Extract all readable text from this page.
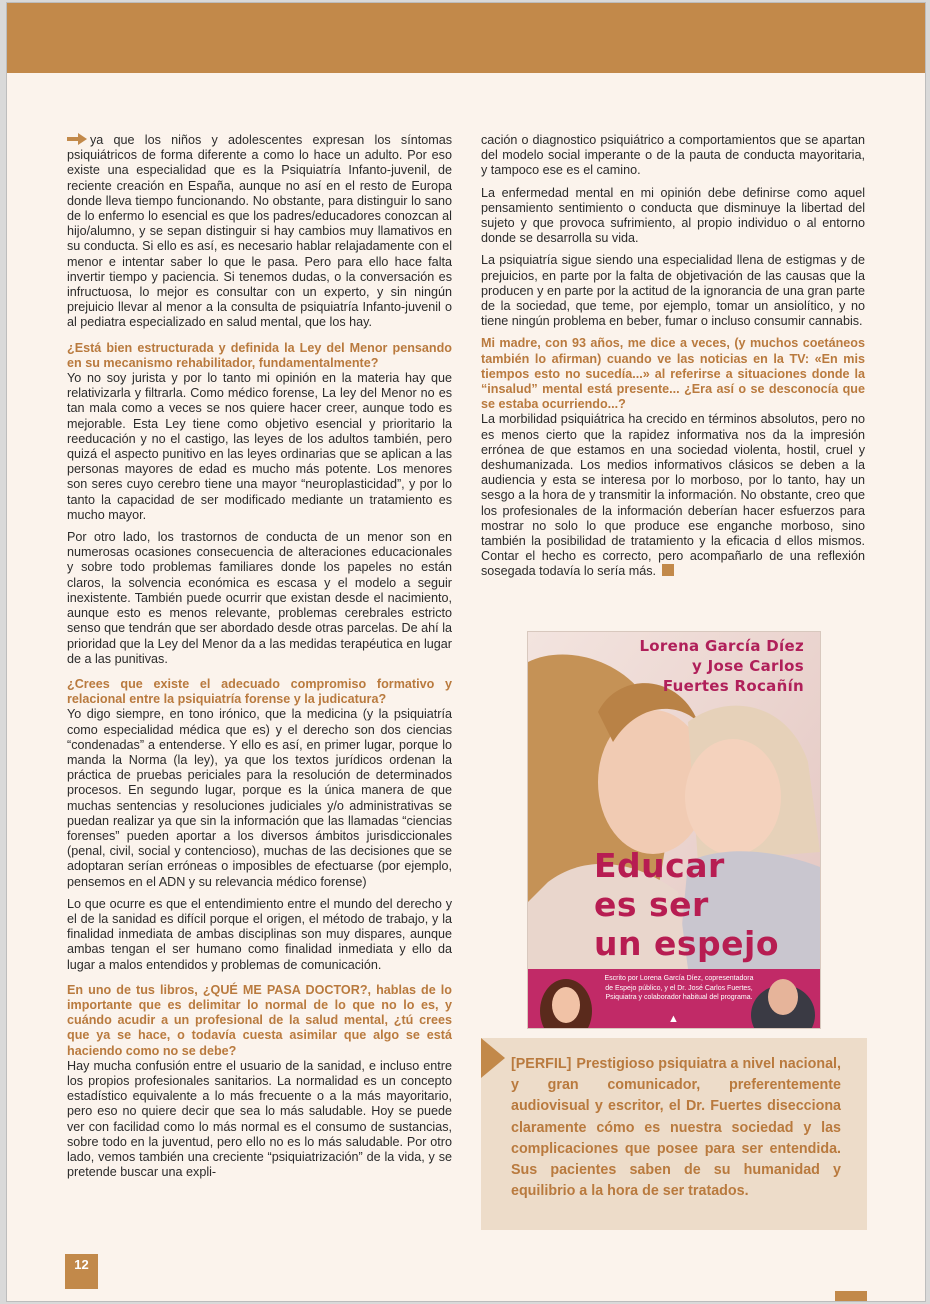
ya que los niños y adolescentes expresan los síntomas psiquiátricos de forma diferente a como lo hace un adulto. Por eso existe una especialidad que es la Psiquiatría Infanto-juvenil, de reciente creación en España, aunque no así en el resto de Europa donde lleva tiempo funcionando. No obstante, para distinguir lo sano de lo enfermo lo esencial es que los padres/educadores conozcan al hijo/alumno, y se sepan distinguir si hay cambios muy llamativos en su conducta. Si ello es así, es necesario hablar relajadamente con el menor e intentar saber lo que le pasa. Pero para ello hace falta invertir tiempo y paciencia. Si tenemos dudas, o la conversación es infructuosa, lo mejor es consultar con un experto, y sin ningún prejuicio llevar al menor a la consulta de psiquiatría Infanto-juvenil o al pediatra especializado en salud mental, que los hay.

¿Está bien estructurada y definida la Ley del Menor pensando en su mecanismo rehabilitador, fundamentalmente?

Yo no soy jurista y por lo tanto mi opinión en la materia hay que relativizarla y filtrarla. Como médico forense, La ley del Menor no es tan mala como a veces se nos quiere hacer creer, aunque todo es mejorable. Esta Ley tiene como objetivo esencial y prioritario la reeducación y no el castigo, las leyes de los adultos también, pero quizá el aspecto punitivo en las leyes ordinarias que se aplican a las personas mayores de edad es mucho más potente. Los menores son seres cuyo cerebro tiene una mayor “neuroplasticidad”, y por lo tanto la capacidad de ser modificado mediante un tratamiento es mucho mayor.

Por otro lado, los trastornos de conducta de un menor son en numerosas ocasiones consecuencia de alteraciones educacionales y sobre todo problemas familiares donde los papeles no están claros, la solvencia económica es escasa y el modelo a seguir inexistente. También puede ocurrir que existan desde el nacimiento, aunque esto es menos relevante, problemas cerebrales estricto senso que tendrán que ser abordado desde otras parcelas. De ahí la prioridad que la Ley del Menor da a las medidas terapéutica en lugar de a las punitivas.

¿Crees que existe el adecuado compromiso formativo y relacional entre la psiquiatría forense y la judicatura?

Yo digo siempre, en tono irónico, que la medicina (y la psiquiatría como especialidad médica que es) y el derecho son dos ciencias “condenadas” a entenderse. Y ello es así, en primer lugar, porque lo manda la Norma (la ley), ya que los textos jurídicos ordenan la práctica de pruebas periciales para la resolución de determinados procesos. En segundo lugar, porque es la única manera de que muchas sentencias y resoluciones judiciales y/o administrativas se puedan realizar ya que sin la información que las llamadas “ciencias forenses” pueden aportar a los diversos ámbitos jurisdiccionales (penal, civil, social y contencioso), muchas de las decisiones que se adoptaran serían erróneas o imposibles de efectuarse (por ejemplo, pensemos en el ADN y su relevancia médico forense)

Lo que ocurre es que el entendimiento entre el mundo del derecho y el de la sanidad es difícil porque el origen, el método de trabajo, y la finalidad inmediata de ambas disciplinas son muy dispares, aunque ambas tengan el ser humano como finalidad inmediata y ello da lugar a malos entendidos y problemas de comunicación.

En uno de tus libros, ¿QUÉ ME PASA DOCTOR?, hablas de lo importante que es delimitar lo normal de lo que no lo es, y cuándo acudir a un profesional de la salud mental, ¿tú crees que ya se hace, o todavía cuesta asimilar que algo se está haciendo como no se debe?

Hay mucha confusión entre el usuario de la sanidad, e incluso entre los propios profesionales sanitarios. La normalidad es un concepto estadístico equivalente a lo más frecuente o a la más mayoritario, pero eso no quiere decir que sea lo más saludable. Hoy se puede ver con facilidad como lo más normal es el consumo de sustancias, sobre todo en la juventud, pero ello no es lo más saludable. Por otro lado, vemos también una creciente “psiquiatrización” de la vida, y se pretende buscar una expli-

cación o diagnostico psiquiátrico a comportamientos que se apartan del modelo social imperante o de la pauta de conducta mayoritaria, y tampoco ese es el camino.

La enfermedad mental en mi opinión debe definirse como aquel pensamiento sentimiento o conducta que disminuye la libertad del sujeto y que provoca sufrimiento, al propio individuo o al entorno donde se desarrolla su vida.

La psiquiatría sigue siendo una especialidad llena de estigmas y de prejuicios, en parte por la falta de objetivación de las causas que la producen y en parte por la actitud de la ignorancia de una gran parte de la sociedad, que teme, por ejemplo, tomar un ansiolítico, y no tiene ningún problema en beber, fumar o incluso consumir cannabis.

Mi madre, con 93 años, me dice a veces, (y muchos coetáneos también lo afirman) cuando ve las noticias en la TV: «En mis tiempos esto no sucedía...» al referirse a situaciones donde la “insalud” mental está presente... ¿Era así o se desconocía que se estaba ocurriendo...?

La morbilidad psiquiátrica ha crecido en términos absolutos, pero no es menos cierto que la rapidez informativa nos da la impresión errónea de que estamos en una sociedad violenta, hostil, cruel y deshumanizada. Los medios informativos clásicos se deben a la audiencia y esta se interesa por lo morboso, por lo tanto, hay un sesgo a la hora de y transmitir la información. No obstante, creo que los profesionales de la información deberían hacer esfuerzos para mostrar no solo lo que produce ese enganche morboso, sino también la posibilidad de tratamiento y la eficacia d ellos mismos. Contar el hecho es correcto, pero acompañarlo de una reflexión sosegada todavía lo sería más.

Lorena García Díez
y Jose Carlos
Fuertes Rocañín
Educar
es ser
un espejo
Escrito por Lorena García Díez, copresentadora de Espejo público, y el Dr. José Carlos Fuertes, Psiquiatra y colaborador habitual del programa.
▲
[PERFIL] Prestigioso psiquiatra a nivel nacional, y gran comunicador, preferentemente audiovisual y escritor, el Dr. Fuertes disecciona claramente cómo es nuestra sociedad y las complicaciones que posee para ser entendida. Sus pacientes saben de su humanidad y equilibrio a la hora de ser tratados.
12
